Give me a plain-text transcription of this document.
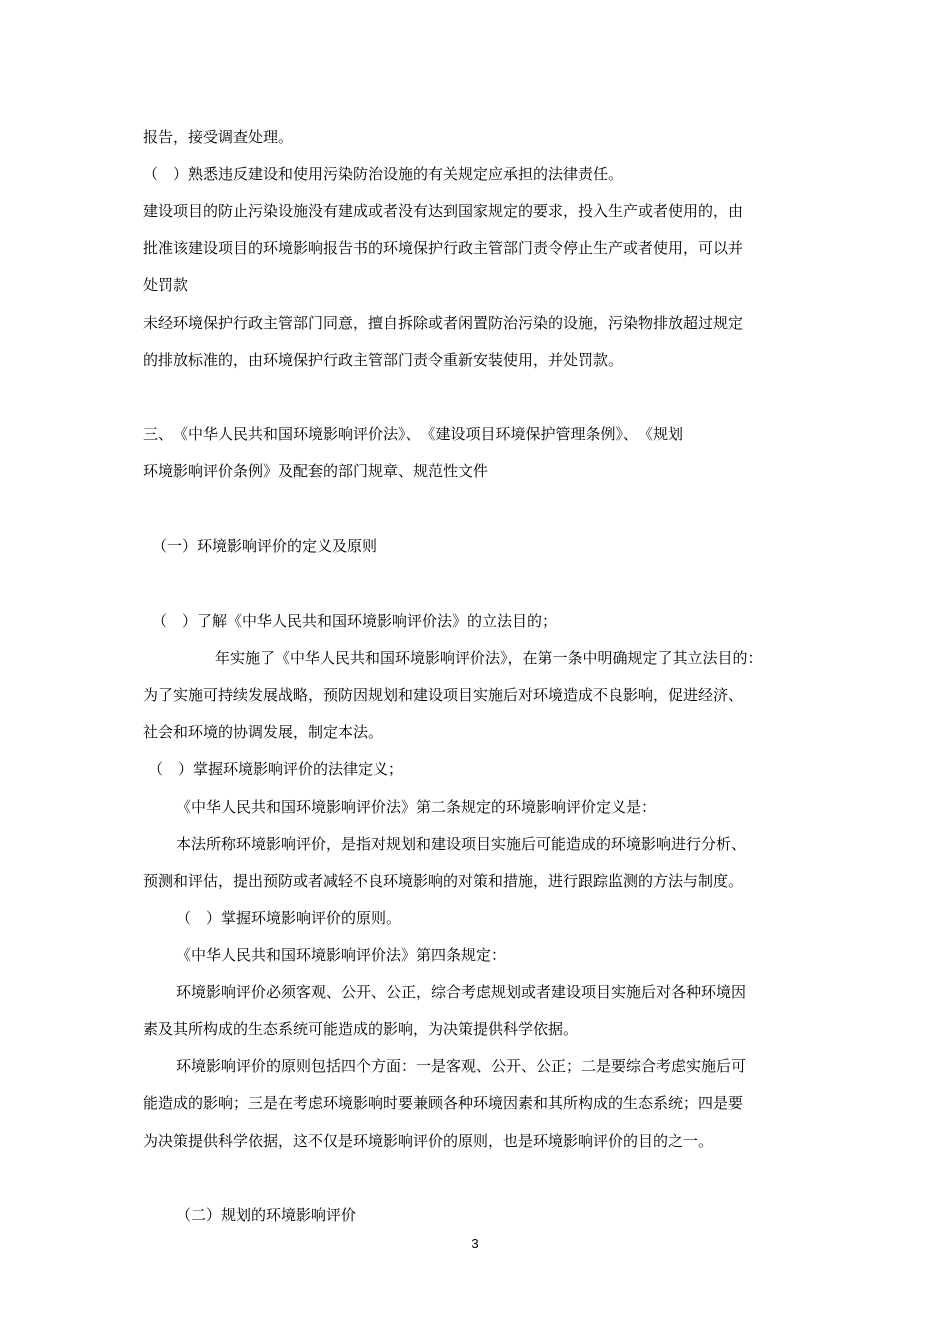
报告，接受调查处理。
（　）熟悉违反建设和使用污染防治设施的有关规定应承担的法律责任。
建设项目的防止污染设施没有建成或者没有达到国家规定的要求，投入生产或者使用的，由
批准该建设项目的环境影响报告书的环境保护行政主管部门责令停止生产或者使用，可以并
处罚款
未经环境保护行政主管部门同意，擅自拆除或者闲置防治污染的设施，污染物排放超过规定
的排放标准的，由环境保护行政主管部门责令重新安装使用，并处罚款。
三、　《中华人民共和国环境影响评价法》、　《建设项目环境保护管理条例》、　《规划
环境影响评价条例》及配套的部门规章、规范性文件
（一）环境影响评价的定义及原则
（　）了解《中华人民共和国环境影响评价法》的立法目的；
年实施了《中华人民共和国环境影响评价法》，在第一条中明确规定了其立法目的：
为了实施可持续发展战略，预防因规划和建设项目实施后对环境造成不良影响，促进经济、
社会和环境的协调发展，制定本法。
（　）掌握环境影响评价的法律定义；
《中华人民共和国环境影响评价法》第二条规定的环境影响评价定义是：
本法所称环境影响评价，是指对规划和建设项目实施后可能造成的环境影响进行分析、
预测和评估，提出预防或者减轻不良环境影响的对策和措施，进行跟踪监测的方法与制度。
（　）掌握环境影响评价的原则。
《中华人民共和国环境影响评价法》第四条规定：
环境影响评价必须客观、公开、公正，综合考虑规划或者建设项目实施后对各种环境因
素及其所构成的生态系统可能造成的影响，为决策提供科学依据。
环境影响评价的原则包括四个方面：一是客观、公开、公正；二是要综合考虑实施后可
能造成的影响；三是在考虑环境影响时要兼顾各种环境因素和其所构成的生态系统；四是要
为决策提供科学依据，这不仅是环境影响评价的原则，也是环境影响评价的目的之一。
（二）规划的环境影响评价
3
